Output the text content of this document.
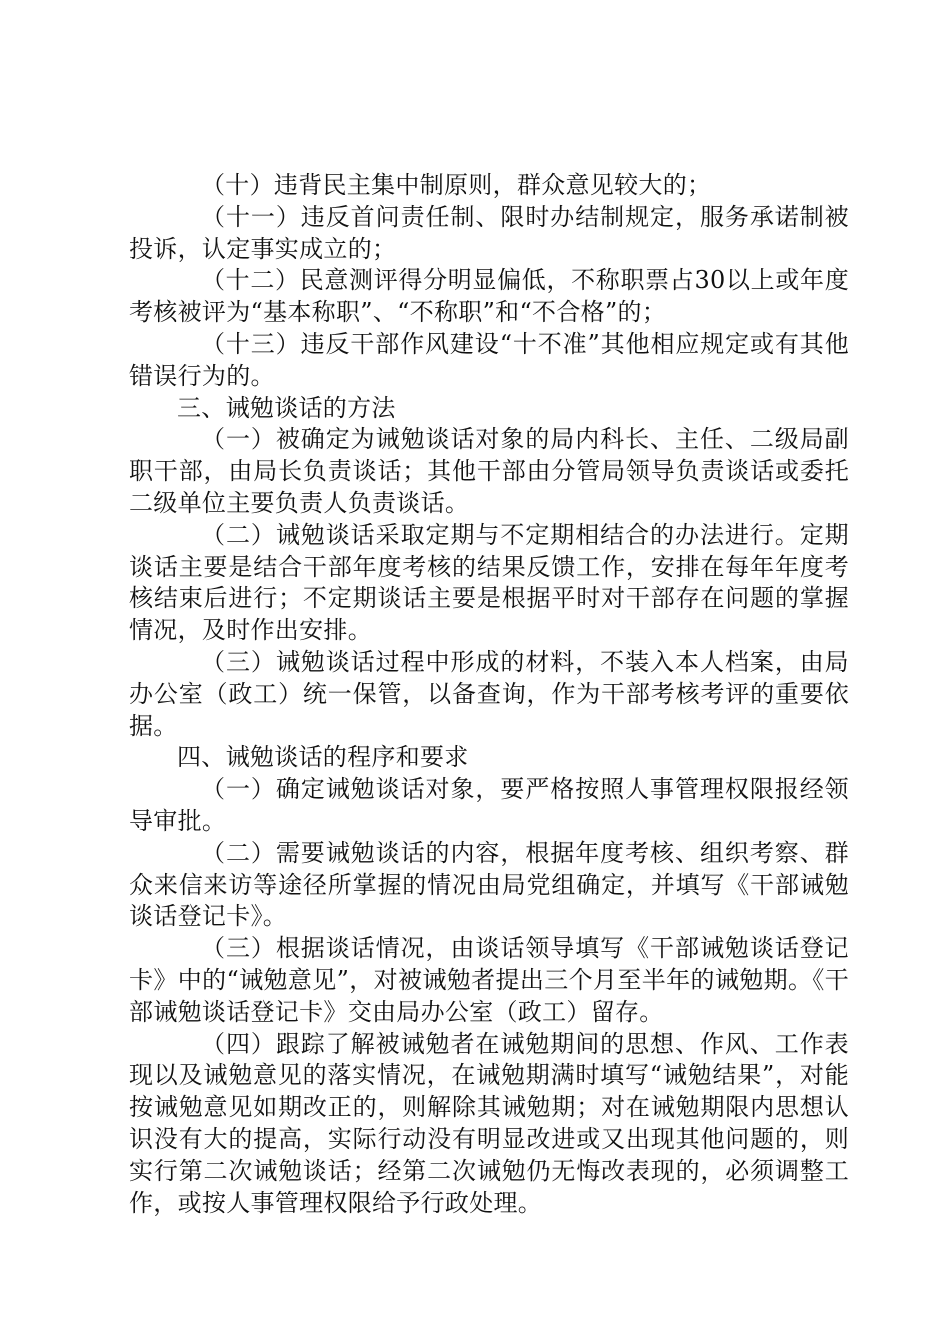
（十）违背民主集中制原则，群众意见较大的；

（十一）违反首问责任制、限时办结制规定，服务承诺制被投诉，认定事实成立的；

（十二）民意测评得分明显偏低，不称职票占30以上或年度考核被评为“基本称职”、“不称职”和“不合格”的；

（十三）违反干部作风建设“十不准”其他相应规定或有其他错误行为的。

三、诫勉谈话的方法

（一）被确定为诫勉谈话对象的局内科长、主任、二级局副职干部，由局长负责谈话；其他干部由分管局领导负责谈话或委托二级单位主要负责人负责谈话。

（二）诫勉谈话采取定期与不定期相结合的办法进行。定期谈话主要是结合干部年度考核的结果反馈工作，安排在每年年度考核结束后进行；不定期谈话主要是根据平时对干部存在问题的掌握情况，及时作出安排。

（三）诫勉谈话过程中形成的材料，不装入本人档案，由局办公室（政工）统一保管，以备查询，作为干部考核考评的重要依据。

四、诫勉谈话的程序和要求

（一）确定诫勉谈话对象，要严格按照人事管理权限报经领导审批。

（二）需要诫勉谈话的内容，根据年度考核、组织考察、群众来信来访等途径所掌握的情况由局党组确定，并填写《干部诫勉谈话登记卡》。

（三）根据谈话情况，由谈话领导填写《干部诫勉谈话登记卡》中的“诫勉意见”，对被诫勉者提出三个月至半年的诫勉期。《干部诫勉谈话登记卡》交由局办公室（政工）留存。

（四）跟踪了解被诫勉者在诫勉期间的思想、作风、工作表现以及诫勉意见的落实情况，在诫勉期满时填写“诫勉结果”，对能按诫勉意见如期改正的，则解除其诫勉期；对在诫勉期限内思想认识没有大的提高，实际行动没有明显改进或又出现其他问题的，则实行第二次诫勉谈话；经第二次诫勉仍无悔改表现的，必须调整工作，或按人事管理权限给予行政处理。
